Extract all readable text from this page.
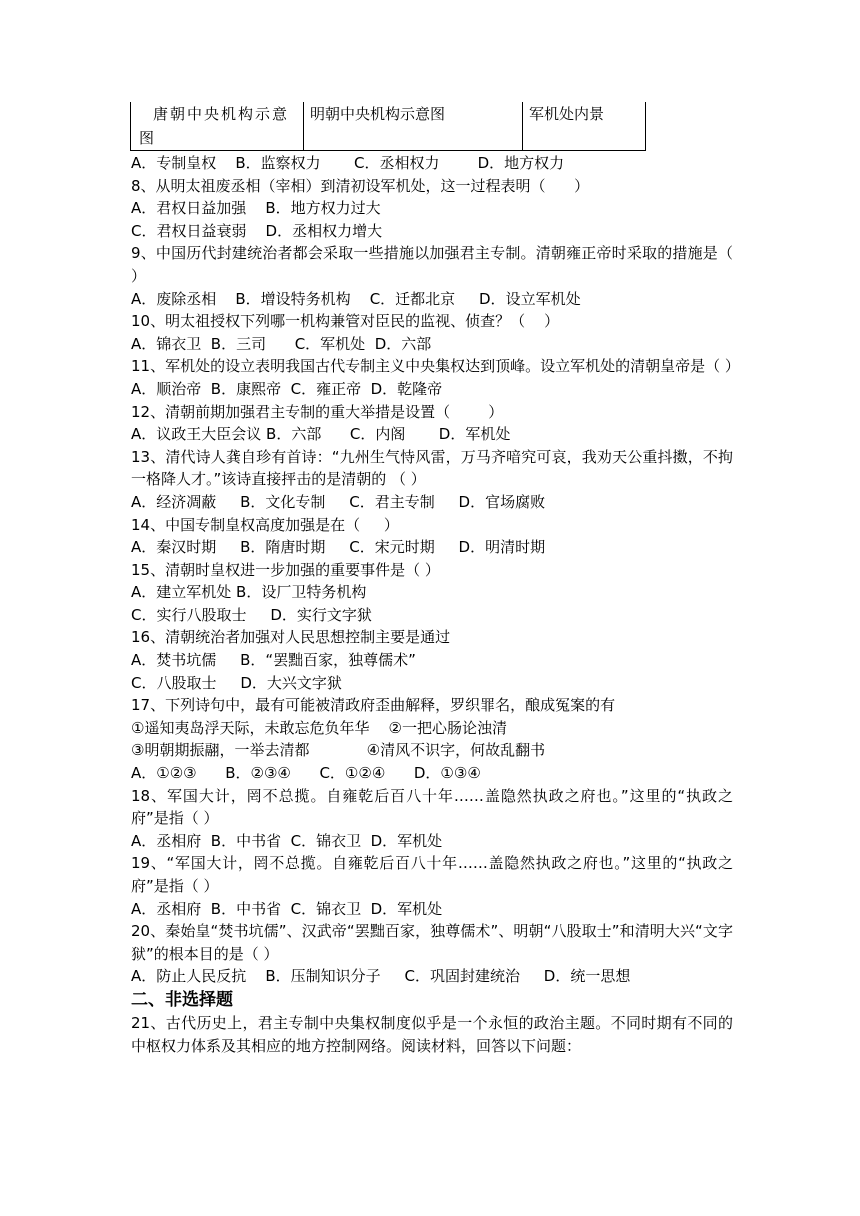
唐朝中央机构示意图	明朝中央机构示意图	军机处内景
A．专制皇权    B．监察权力       C．丞相权力        D．地方权力
8、从明太祖废丞相（宰相）到清初设军机处，这一过程表明（      ）
A．君权日益加强    B．地方权力过大
C．君权日益衰弱    D．丞相权力增大
9、中国历代封建统治者都会采取一些措施以加强君主专制。清朝雍正帝时采取的措施是（ ）
A．废除丞相    B．增设特务机构    C．迁都北京     D．设立军机处
10、明太祖授权下列哪一机构兼管对臣民的监视、侦查？（    ）
A．锦衣卫  B．三司      C．军机处  D．六部
11、军机处的设立表明我国古代专制主义中央集权达到顶峰。设立军机处的清朝皇帝是（ ）
A．顺治帝  B．康熙帝  C．雍正帝  D．乾隆帝
12、清朝前期加强君主专制的重大举措是设置（        ）
A．议政王大臣会议 B．六部      C．内阁       D．军机处
13、清代诗人龚自珍有首诗：“九州生气恃风雷，万马齐喑究可哀，我劝天公重抖擞，不拘一格降人才。”该诗直接抨击的是清朝的 （ ）
A．经济凋蔽     B．文化专制     C．君主专制     D．官场腐败
14、中国专制皇权高度加强是在（     ）
A．秦汉时期     B．隋唐时期     C．宋元时期     D．明清时期
15、清朝时皇权进一步加强的重要事件是（ ）
A．建立军机处 B．设厂卫特务机构
C．实行八股取士     D．实行文字狱
16、清朝统治者加强对人民思想控制主要是通过
A．焚书坑儒     B．“罢黜百家，独尊儒术”
C．八股取士     D．大兴文字狱
17、下列诗句中，最有可能被清政府歪曲解释，罗织罪名，酿成冤案的有
①遥知夷岛浮天际，未敢忘危负年华    ②一把心肠论浊清
③明朝期振翮，一举去清都            ④清风不识字，何故乱翻书
A．①②③      B．②③④      C．①②④      D．①③④
18、军国大计，罔不总揽。自雍乾后百八十年……盖隐然执政之府也。”这里的“执政之府”是指（ ）
A．丞相府  B．中书省  C．锦衣卫  D．军机处
19、“军国大计，罔不总揽。自雍乾后百八十年……盖隐然执政之府也。”这里的“执政之府”是指（ ）
A．丞相府  B．中书省  C．锦衣卫  D．军机处
20、秦始皇“焚书坑儒”、汉武帝“罢黜百家，独尊儒术”、明朝“八股取士”和清明大兴“文字狱”的根本目的是（ ）
A．防止人民反抗    B．压制知识分子     C．巩固封建统治     D．统一思想
二、非选择题
21、古代历史上，君主专制中央集权制度似乎是一个永恒的政治主题。不同时期有不同的中枢权力体系及其相应的地方控制网络。阅读材料，回答以下问题：
